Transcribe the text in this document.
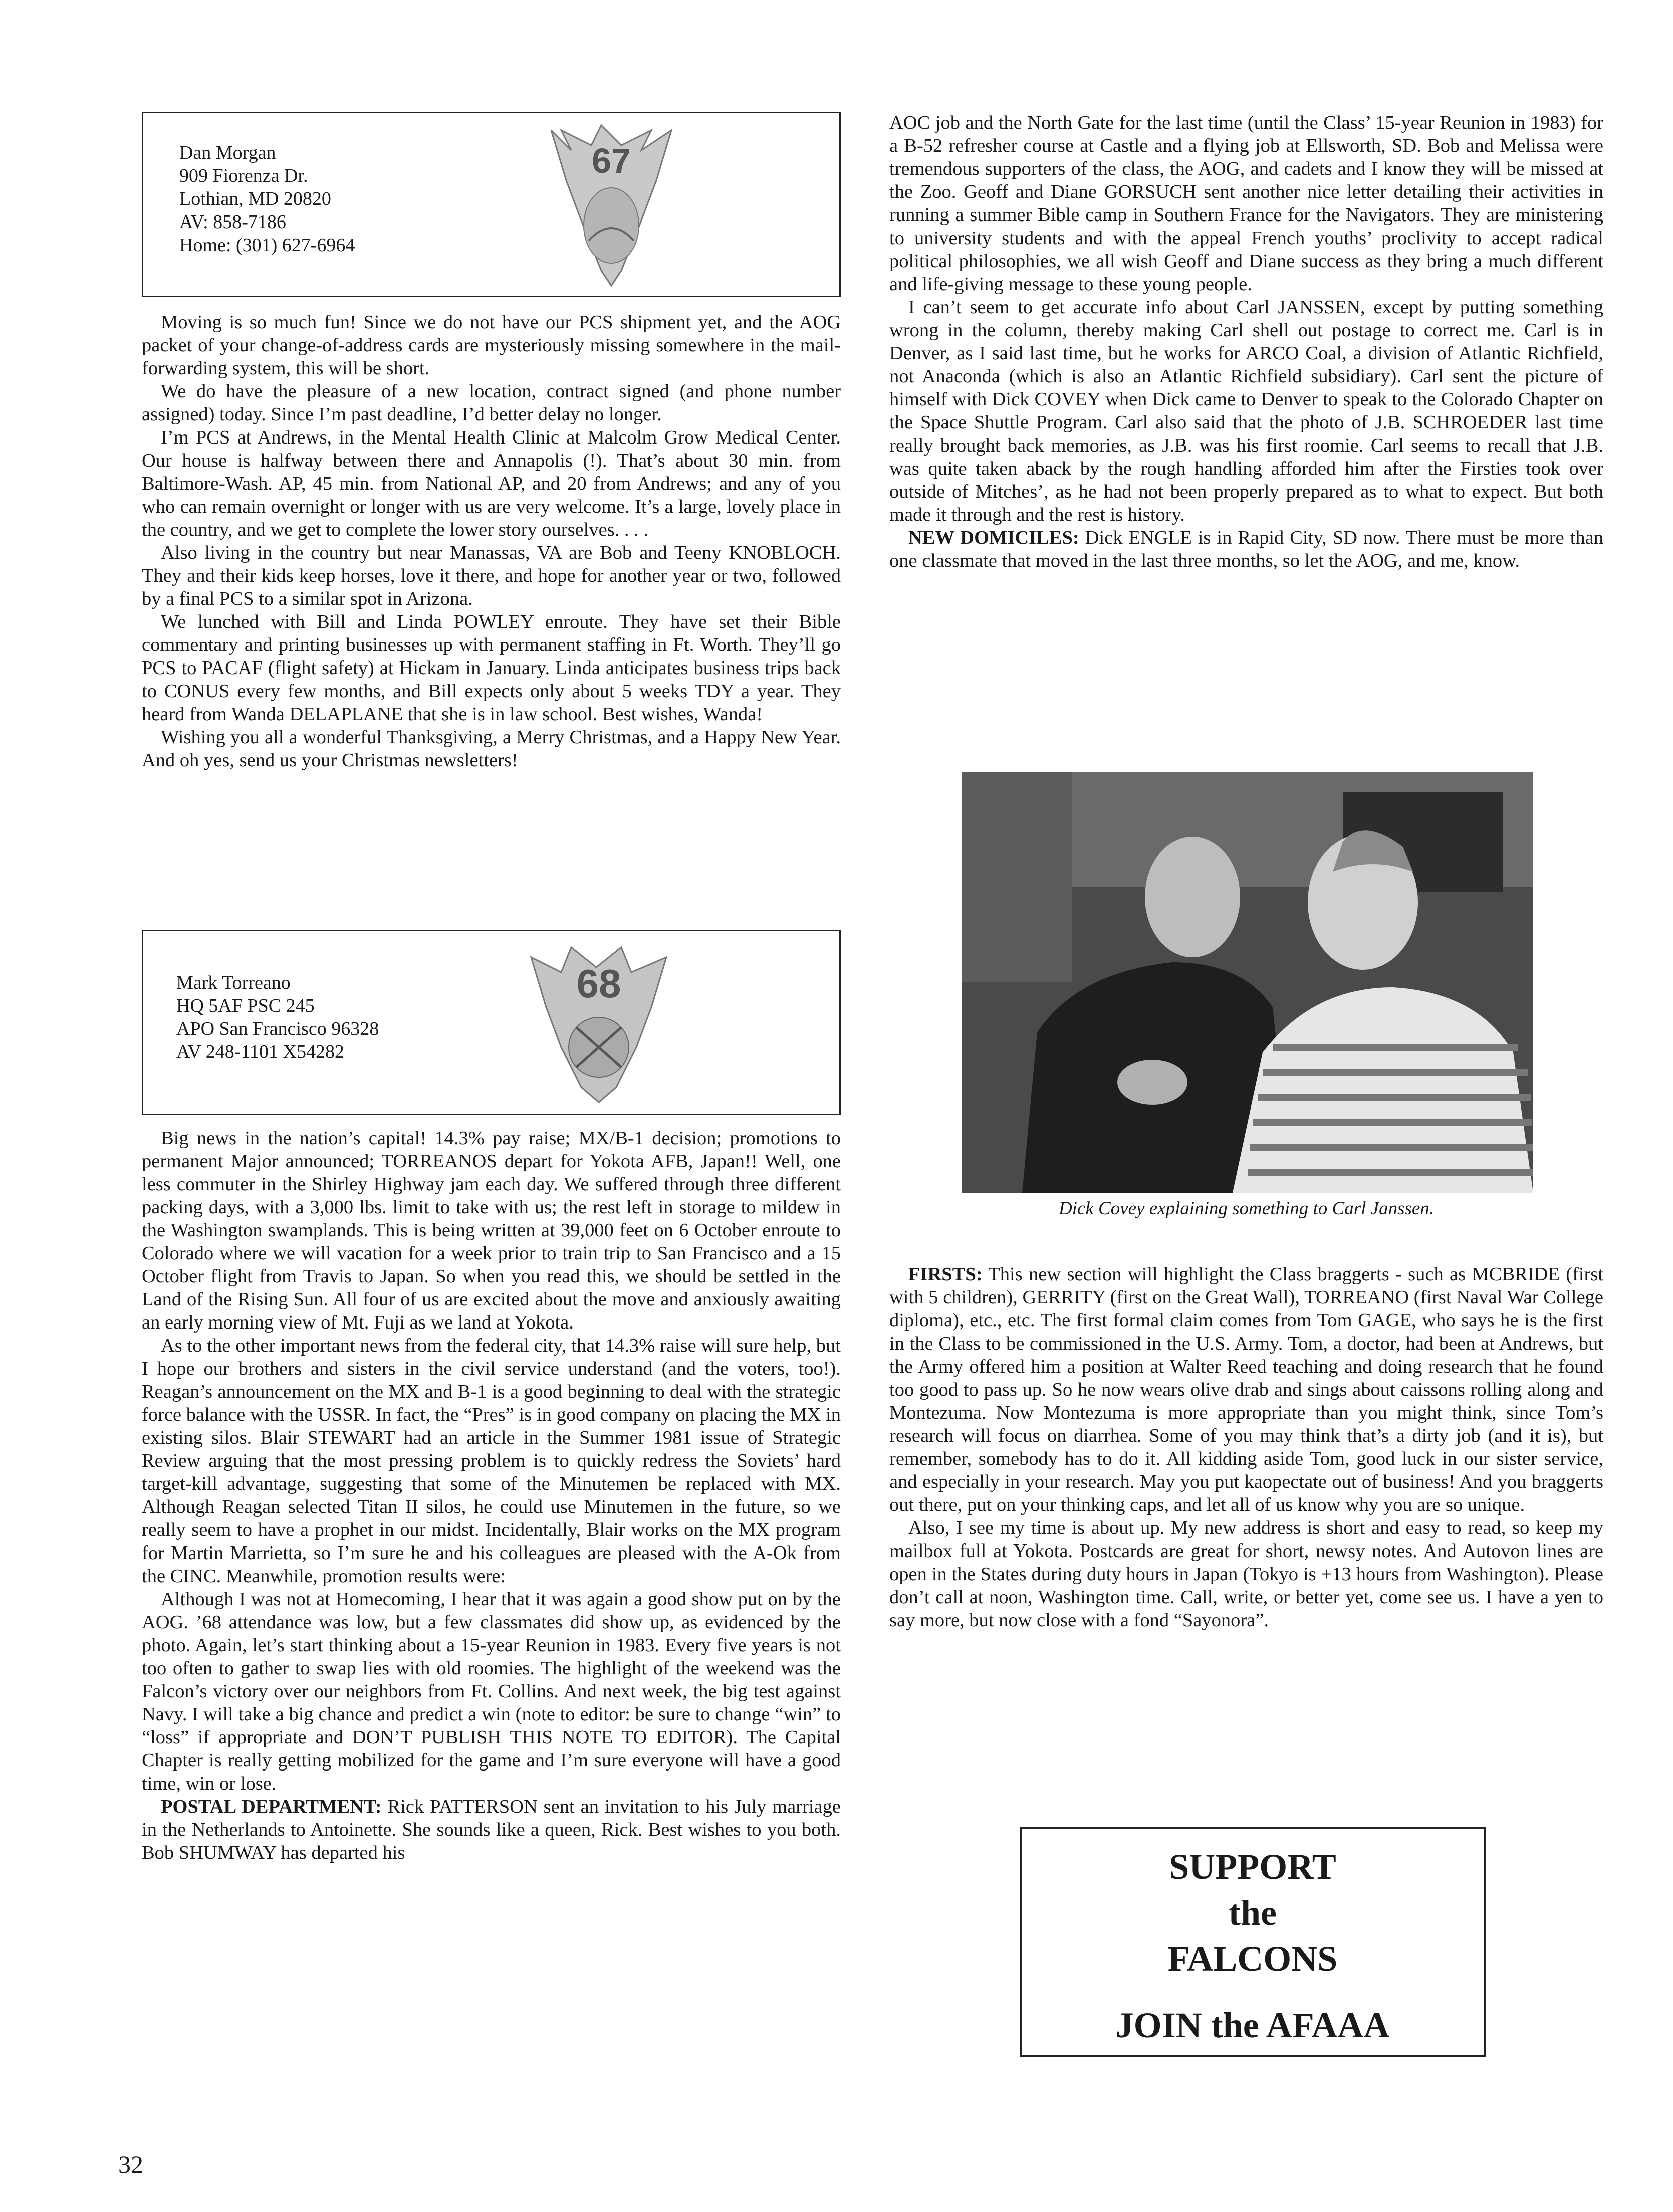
Dan Morgan
909 Fiorenza Dr.
Lothian, MD 20820
AV: 858-7186
Home: (301) 627-6964
67

Moving is so much fun! Since we do not have our PCS shipment yet, and the AOG packet of your change-of-address cards are mysteriously missing somewhere in the mail-forwarding system, this will be short.

We do have the pleasure of a new location, contract signed (and phone number assigned) today. Since I’m past deadline, I’d better delay no longer.

I’m PCS at Andrews, in the Mental Health Clinic at Malcolm Grow Medical Center. Our house is halfway between there and Annapolis (!). That’s about 30 min. from Baltimore-Wash. AP, 45 min. from National AP, and 20 from Andrews; and any of you who can remain overnight or longer with us are very welcome. It’s a large, lovely place in the country, and we get to complete the lower story ourselves. . . .

Also living in the country but near Manassas, VA are Bob and Teeny KNOBLOCH. They and their kids keep horses, love it there, and hope for another year or two, followed by a final PCS to a similar spot in Arizona.

We lunched with Bill and Linda POWLEY enroute. They have set their Bible commentary and printing businesses up with permanent staffing in Ft. Worth. They’ll go PCS to PACAF (flight safety) at Hickam in January. Linda anticipates business trips back to CONUS every few months, and Bill expects only about 5 weeks TDY a year. They heard from Wanda DELAPLANE that she is in law school. Best wishes, Wanda!

Wishing you all a wonderful Thanksgiving, a Merry Christmas, and a Happy New Year. And oh yes, send us your Christmas newsletters!

Mark Torreano
HQ 5AF PSC 245
APO San Francisco 96328
AV 248-1101 X54282
68

Big news in the nation’s capital! 14.3% pay raise; MX/B-1 decision; promotions to permanent Major announced; TORREANOS depart for Yokota AFB, Japan!! Well, one less commuter in the Shirley Highway jam each day. We suffered through three different packing days, with a 3,000 lbs. limit to take with us; the rest left in storage to mildew in the Washington swamplands. This is being written at 39,000 feet on 6 October enroute to Colorado where we will vacation for a week prior to train trip to San Francisco and a 15 October flight from Travis to Japan. So when you read this, we should be settled in the Land of the Rising Sun. All four of us are excited about the move and anxiously awaiting an early morning view of Mt. Fuji as we land at Yokota.

As to the other important news from the federal city, that 14.3% raise will sure help, but I hope our brothers and sisters in the civil service understand (and the voters, too!). Reagan’s announcement on the MX and B-1 is a good beginning to deal with the strategic force balance with the USSR. In fact, the “Pres” is in good company on placing the MX in existing silos. Blair STEWART had an article in the Summer 1981 issue of Strategic Review arguing that the most pressing problem is to quickly redress the Soviets’ hard target-kill advantage, suggesting that some of the Minutemen be replaced with MX. Although Reagan selected Titan II silos, he could use Minutemen in the future, so we really seem to have a prophet in our midst. Incidentally, Blair works on the MX program for Martin Marrietta, so I’m sure he and his colleagues are pleased with the A-Ok from the CINC. Meanwhile, promotion results were:

Although I was not at Homecoming, I hear that it was again a good show put on by the AOG. ’68 attendance was low, but a few classmates did show up, as evidenced by the photo. Again, let’s start thinking about a 15-year Reunion in 1983. Every five years is not too often to gather to swap lies with old roomies. The highlight of the weekend was the Falcon’s victory over our neighbors from Ft. Collins. And next week, the big test against Navy. I will take a big chance and predict a win (note to editor: be sure to change “win” to “loss” if appropriate and DON’T PUBLISH THIS NOTE TO EDITOR). The Capital Chapter is really getting mobilized for the game and I’m sure everyone will have a good time, win or lose.

POSTAL DEPARTMENT: Rick PATTERSON sent an invitation to his July marriage in the Netherlands to Antoinette. She sounds like a queen, Rick. Best wishes to you both. Bob SHUMWAY has departed his

AOC job and the North Gate for the last time (until the Class’ 15-year Reunion in 1983) for a B-52 refresher course at Castle and a flying job at Ellsworth, SD. Bob and Melissa were tremendous supporters of the class, the AOG, and cadets and I know they will be missed at the Zoo. Geoff and Diane GORSUCH sent another nice letter detailing their activities in running a summer Bible camp in Southern France for the Navigators. They are ministering to university students and with the appeal French youths’ proclivity to accept radical political philosophies, we all wish Geoff and Diane success as they bring a much different and life-giving message to these young people.

I can’t seem to get accurate info about Carl JANSSEN, except by putting something wrong in the column, thereby making Carl shell out postage to correct me. Carl is in Denver, as I said last time, but he works for ARCO Coal, a division of Atlantic Richfield, not Anaconda (which is also an Atlantic Richfield subsidiary). Carl sent the picture of himself with Dick COVEY when Dick came to Denver to speak to the Colorado Chapter on the Space Shuttle Program. Carl also said that the photo of J.B. SCHROEDER last time really brought back memories, as J.B. was his first roomie. Carl seems to recall that J.B. was quite taken aback by the rough handling afforded him after the Firsties took over outside of Mitches’, as he had not been properly prepared as to what to expect. But both made it through and the rest is history.

NEW DOMICILES: Dick ENGLE is in Rapid City, SD now. There must be more than one classmate that moved in the last three months, so let the AOG, and me, know.

Dick Covey explaining something to Carl Janssen.

FIRSTS: This new section will highlight the Class braggerts - such as MCBRIDE (first with 5 children), GERRITY (first on the Great Wall), TORREANO (first Naval War College diploma), etc., etc. The first formal claim comes from Tom GAGE, who says he is the first in the Class to be commissioned in the U.S. Army. Tom, a doctor, had been at Andrews, but the Army offered him a position at Walter Reed teaching and doing research that he found too good to pass up. So he now wears olive drab and sings about caissons rolling along and Montezuma. Now Montezuma is more appropriate than you might think, since Tom’s research will focus on diarrhea. Some of you may think that’s a dirty job (and it is), but remember, somebody has to do it. All kidding aside Tom, good luck in our sister service, and especially in your research. May you put kaopectate out of business! And you braggerts out there, put on your thinking caps, and let all of us know why you are so unique.

Also, I see my time is about up. My new address is short and easy to read, so keep my mailbox full at Yokota. Postcards are great for short, newsy notes. And Autovon lines are open in the States during duty hours in Japan (Tokyo is +13 hours from Washington). Please don’t call at noon, Washington time. Call, write, or better yet, come see us. I have a yen to say more, but now close with a fond “Sayonora”.

SUPPORT
the
FALCONS
JOIN the AFAAA
32
